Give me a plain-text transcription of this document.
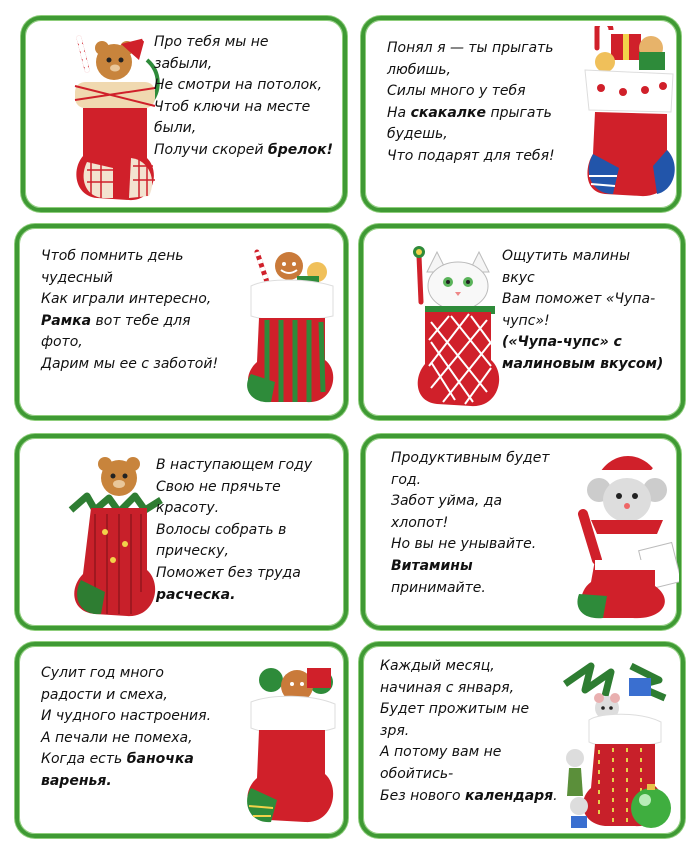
Про тебя мы не
забыли,
Не смотри на потолок,
Чтоб ключи на месте
были,
Получи скорей брелок!
Понял я — ты прыгать
любишь,
Силы много у тебя
На скакалке прыгать
будешь,
Что подарят для тебя!
Чтоб помнить день
чудесный
Как играли интересно,
Рамка вот тебе для
фото,
Дарим мы ее с заботой!
Ощутить малины
вкус
Вам поможет «Чупа-
чупс»!
(«Чупа-чупс» с
малиновым вкусом)
В наступающем году
Свою не прячьте
красоту.
Волосы собрать в
прическу,
Поможет без труда
расческа.
Продуктивным будет
год.
Забот уйма, да
хлопот!
Но вы не унывайте.
Витамины
принимайте.
Сулит год много
радости и смеха,
И чудного настроения.
А печали не помеха,
Когда есть баночка
варенья.
Каждый месяц,
начиная с января,
Будет прожитым не
зря.
А потому вам не
обойтись-
Без нового календаря.
